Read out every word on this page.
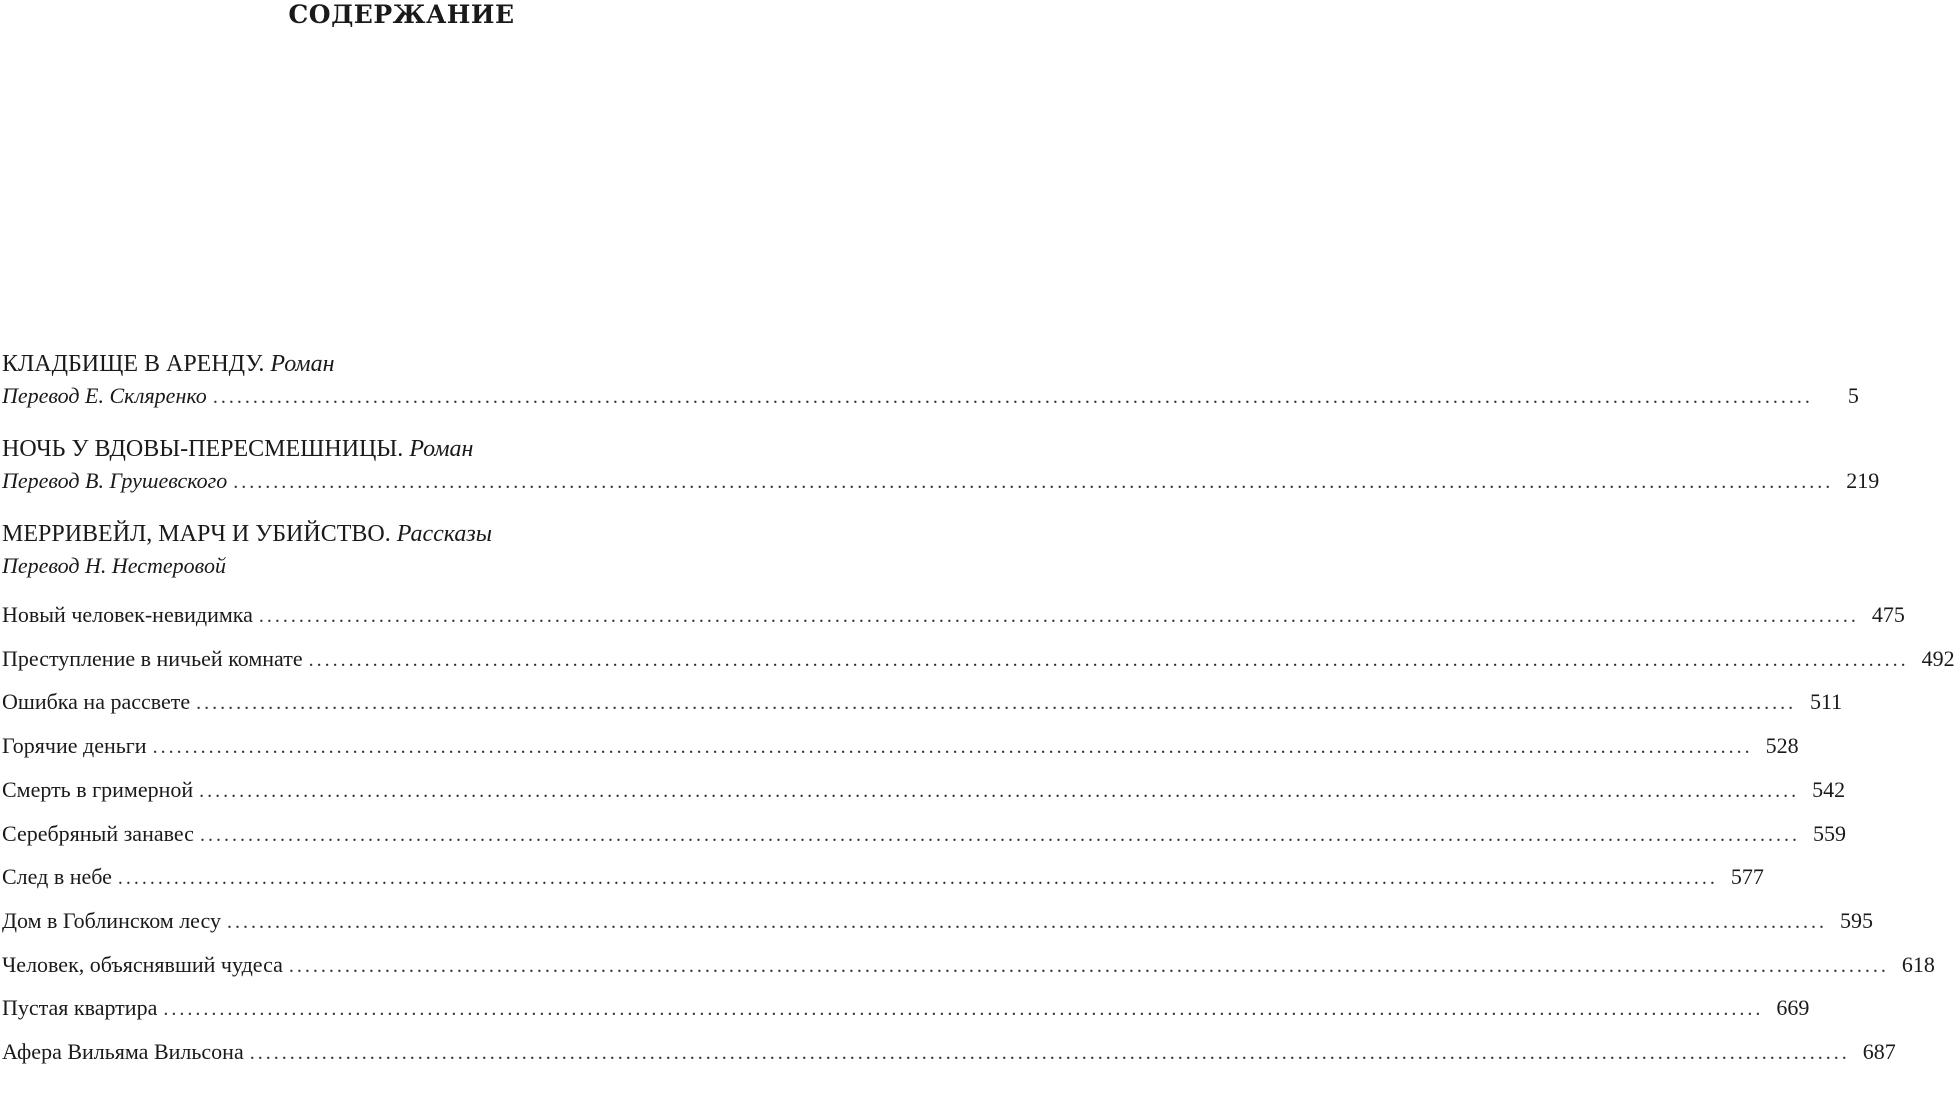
СОДЕРЖАНИЕ
КЛАДБИЩЕ В АРЕНДУ. Роман
Перевод Е. Скляренко ........................................................................................................................................................................................................	5
НОЧЬ У ВДОВЫ-ПЕРЕСМЕШНИЦЫ. Роман
Перевод В. Грушевского ........................................................................................................................................................................................................ 219
МЕРРИВЕЙЛ, МАРЧ И УБИЙСТВО. Рассказы
Перевод Н. Нестеровой
Новый человек-невидимка ........................................................................................................................................................................................................ 475
Преступление в ничьей комнате ........................................................................................................................................................................................................ 492
Ошибка на рассвете ........................................................................................................................................................................................................ 511
Горячие деньги ........................................................................................................................................................................................................ 528
Смерть в гримерной ........................................................................................................................................................................................................ 542
Серебряный занавес ........................................................................................................................................................................................................ 559
След в небе ........................................................................................................................................................................................................ 577
Дом в Гоблинском лесу ........................................................................................................................................................................................................ 595
Человек, объяснявший чудеса ........................................................................................................................................................................................................ 618
Пустая квартира ........................................................................................................................................................................................................ 669
Афера Вильяма Вильсона ........................................................................................................................................................................................................ 687
